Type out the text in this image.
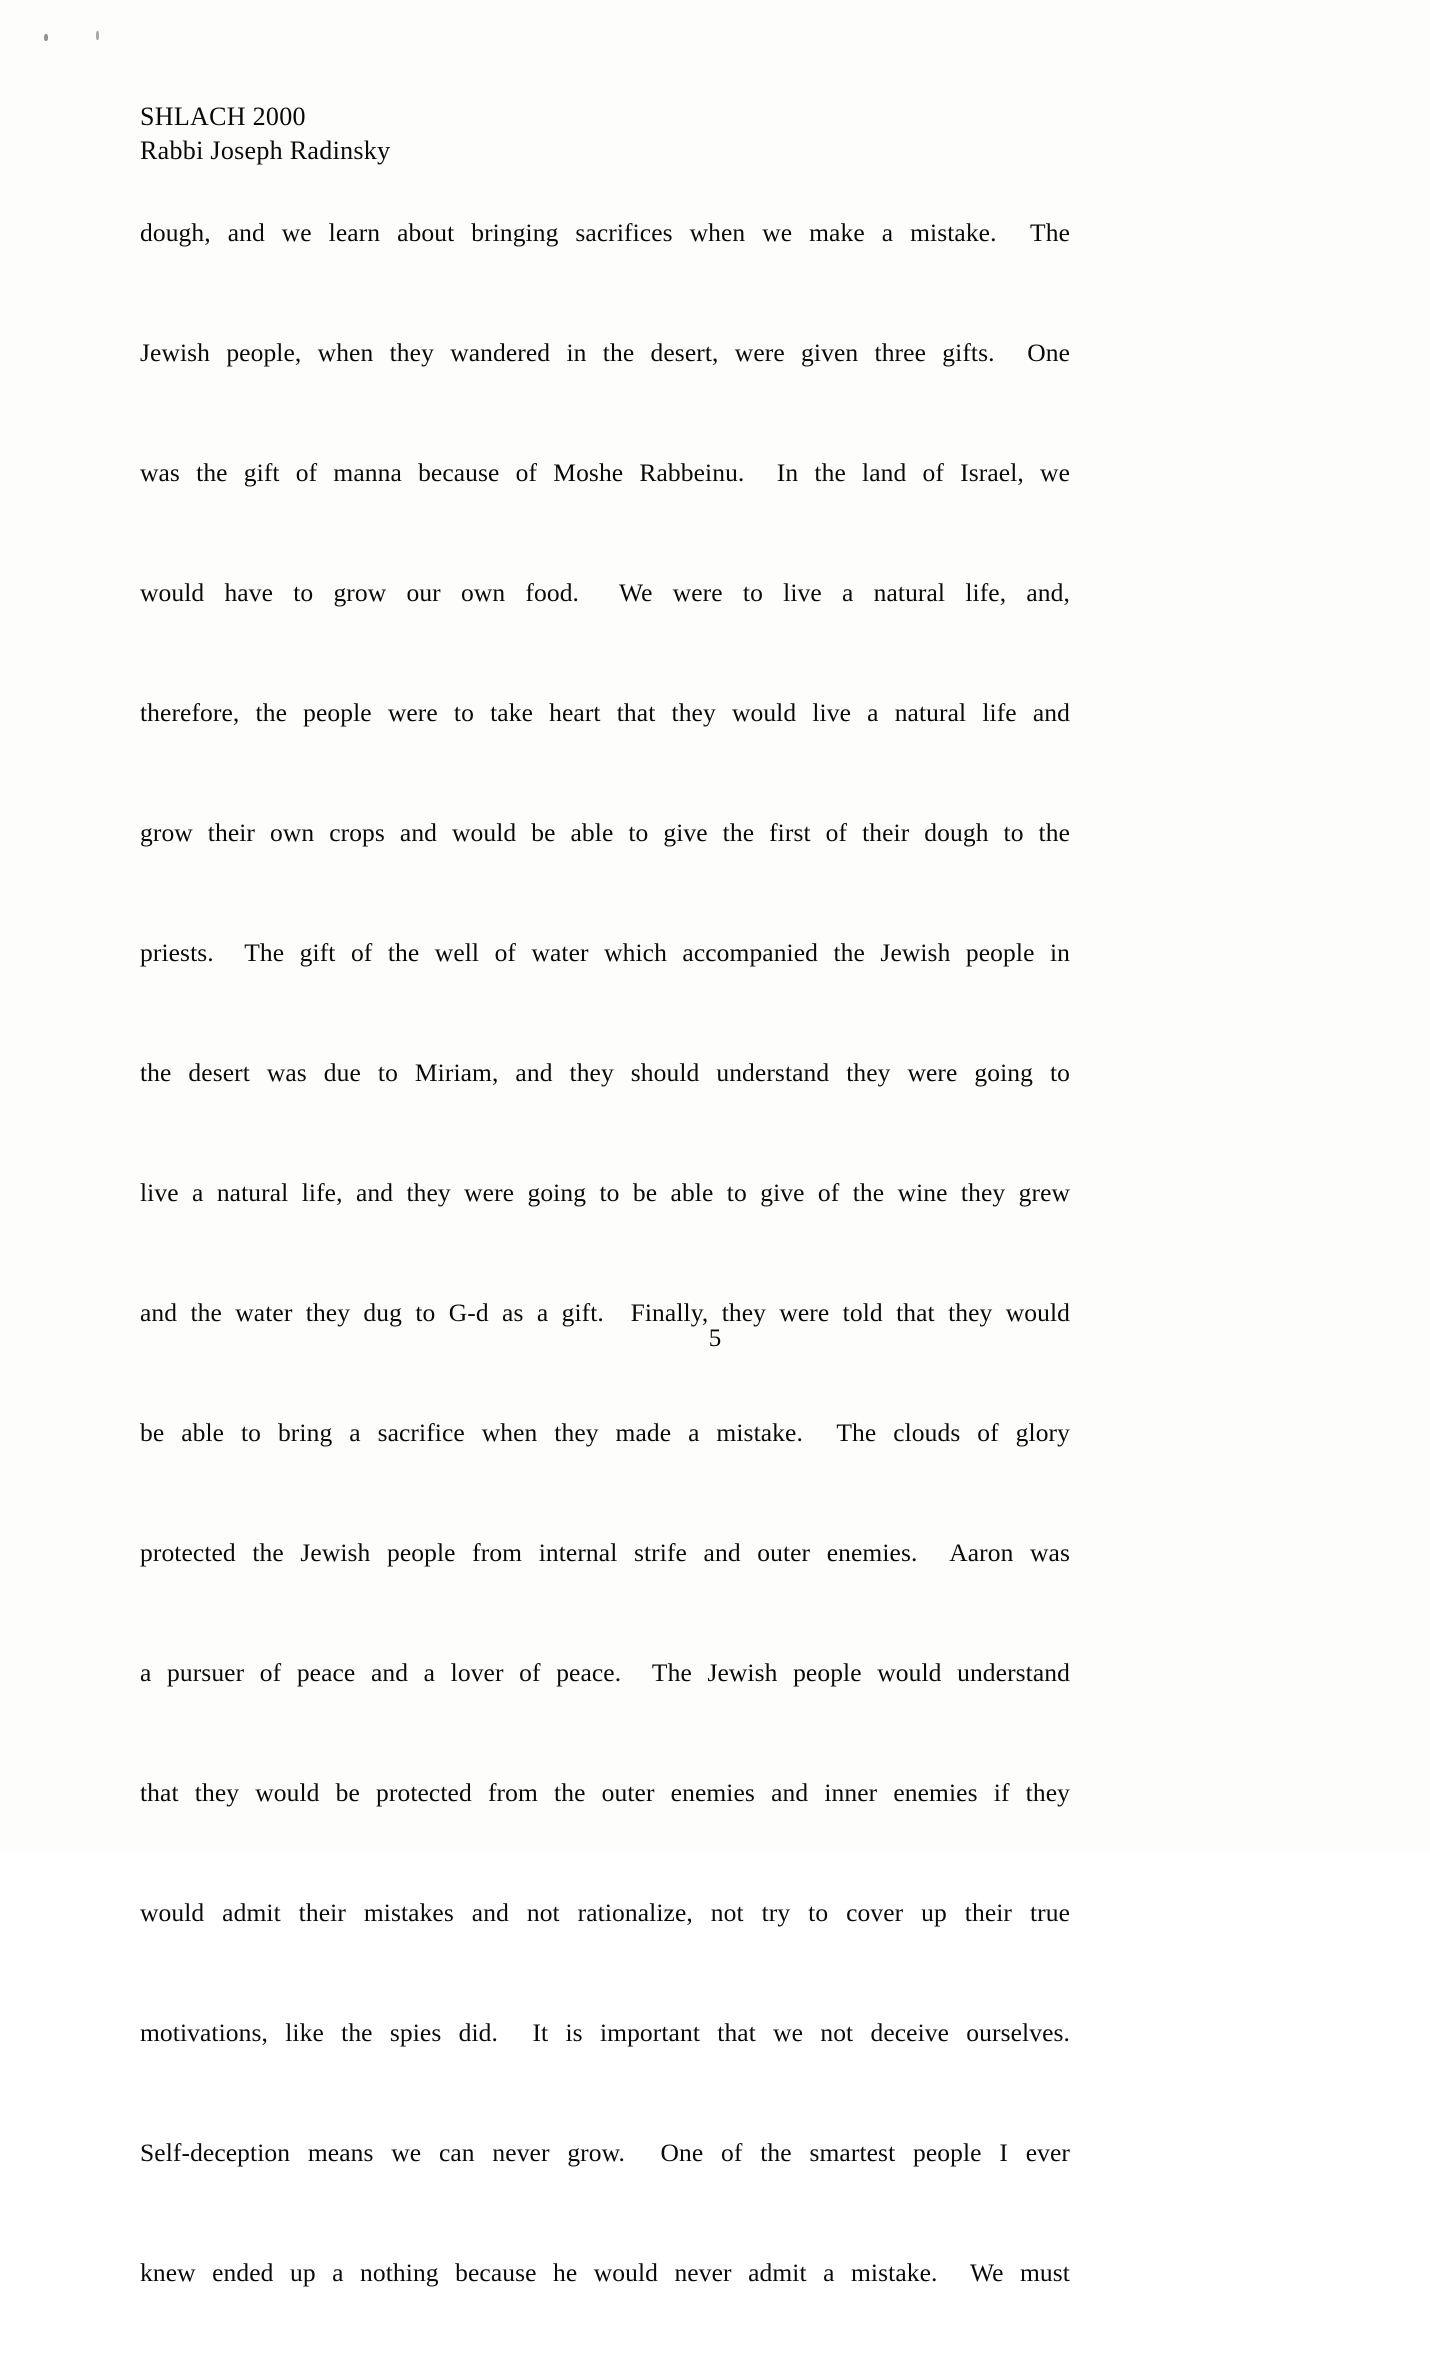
SHLACH 2000
Rabbi Joseph Radinsky

dough, and we learn about bringing sacrifices when we make a mistake.  The
Jewish people, when they wandered in the desert, were given three gifts.  One
was the gift of manna because of Moshe Rabbeinu.  In the land of Israel, we
would have to grow our own food.  We were to live a natural life, and,
therefore, the people were to take heart that they would live a natural life and
grow their own crops and would be able to give the first of their dough to the
priests.  The gift of the well of water which accompanied the Jewish people in
the desert was due to Miriam, and they should understand they were going to
live a natural life, and they were going to be able to give of the wine they grew
and the water they dug to G-d as a gift.  Finally, they were told that they would
be able to bring a sacrifice when they made a mistake.  The clouds of glory
protected the Jewish people from internal strife and outer enemies.  Aaron was
a pursuer of peace and a lover of peace.  The Jewish people would understand
that they would be protected from the outer enemies and inner enemies if they
would admit their mistakes and not rationalize, not try to cover up their true
motivations, like the spies did.  It is important that we not deceive ourselves.
Self-deception means we can never grow.  One of the smartest people I ever
knew ended up a nothing because he would never admit a mistake.  We must

5
